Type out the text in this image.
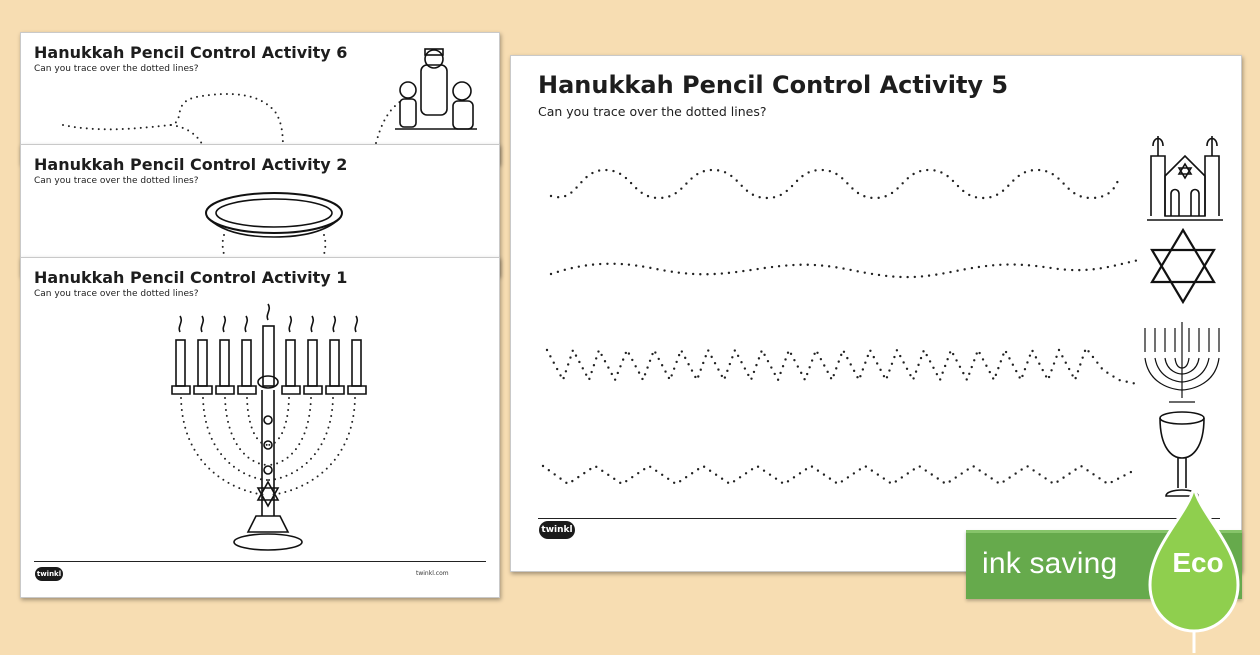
Hanukkah Pencil Control Activity 6

Can you trace over the dotted lines?

Hanukkah Pencil Control Activity 2

Can you trace over the dotted lines?

Hanukkah Pencil Control Activity 1

Can you trace over the dotted lines?

twinkl	twinkl.com
Hanukkah Pencil Control Activity 5

Can you trace over the dotted lines?

twinkl
ink saving	Eco
